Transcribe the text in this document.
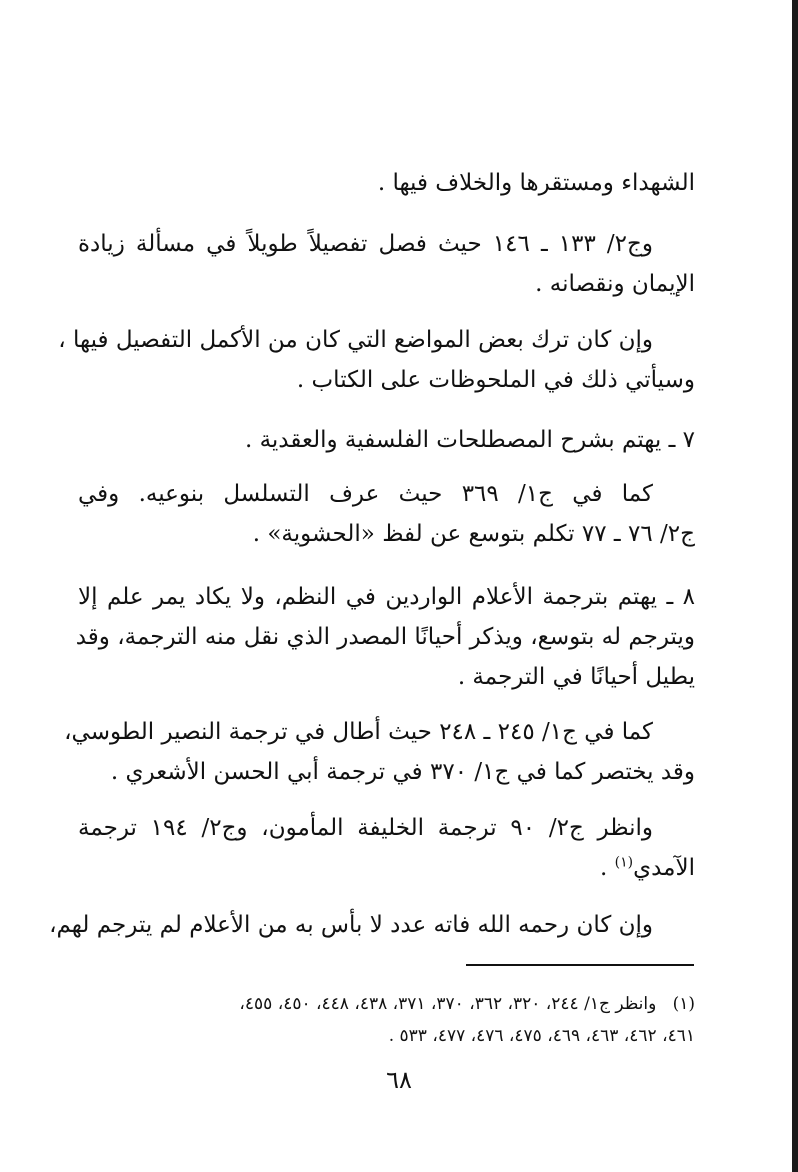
الشهداء ومستقرها والخلاف فيها .

وج٢/ ١٣٣ ـ ١٤٦ حيث فصل تفصيلاً طويلاً في مسألة زيادة
الإيمان ونقصانه .

وإن كان ترك بعض المواضع التي كان من الأكمل التفصيل فيها ،
وسيأتي ذلك في الملحوظات على الكتاب .

٧ ـ يهتم بشرح المصطلحات الفلسفية والعقدية .

كما في ج١/ ٣٦٩ حيث عرف التسلسل بنوعيه. وفي
ج٢/ ٧٦ ـ ٧٧ تكلم بتوسع عن لفظ «الحشوية» .

٨ ـ يهتم بترجمة الأعلام الواردين في النظم، ولا يكاد يمر علم إلا
ويترجم له بتوسع، ويذكر أحيانًا المصدر الذي نقل منه الترجمة، وقد
يطيل أحيانًا في الترجمة .

كما في ج١/ ٢٤٥ ـ ٢٤٨ حيث أطال في ترجمة النصير الطوسي،
وقد يختصر كما في ج١/ ٣٧٠ في ترجمة أبي الحسن الأشعري .

وانظر ج٢/ ٩٠ ترجمة الخليفة المأمون، وج٢/ ١٩٤ ترجمة
الآمدي$^{(١)}$ .

وإن كان رحمه الله فاته عدد لا بأس به من الأعلام لم يترجم لهم،

(١)   وانظر ج١/ ٢٤٤، ٣٢٠، ٣٦٢، ٣٧٠، ٣٧١، ٤٣٨، ٤٤٨، ٤٥٠، ٤٥٥،
٤٦١، ٤٦٢، ٤٦٣، ٤٦٩، ٤٧٥، ٤٧٦، ٤٧٧، ٥٣٣ .
٦٨
